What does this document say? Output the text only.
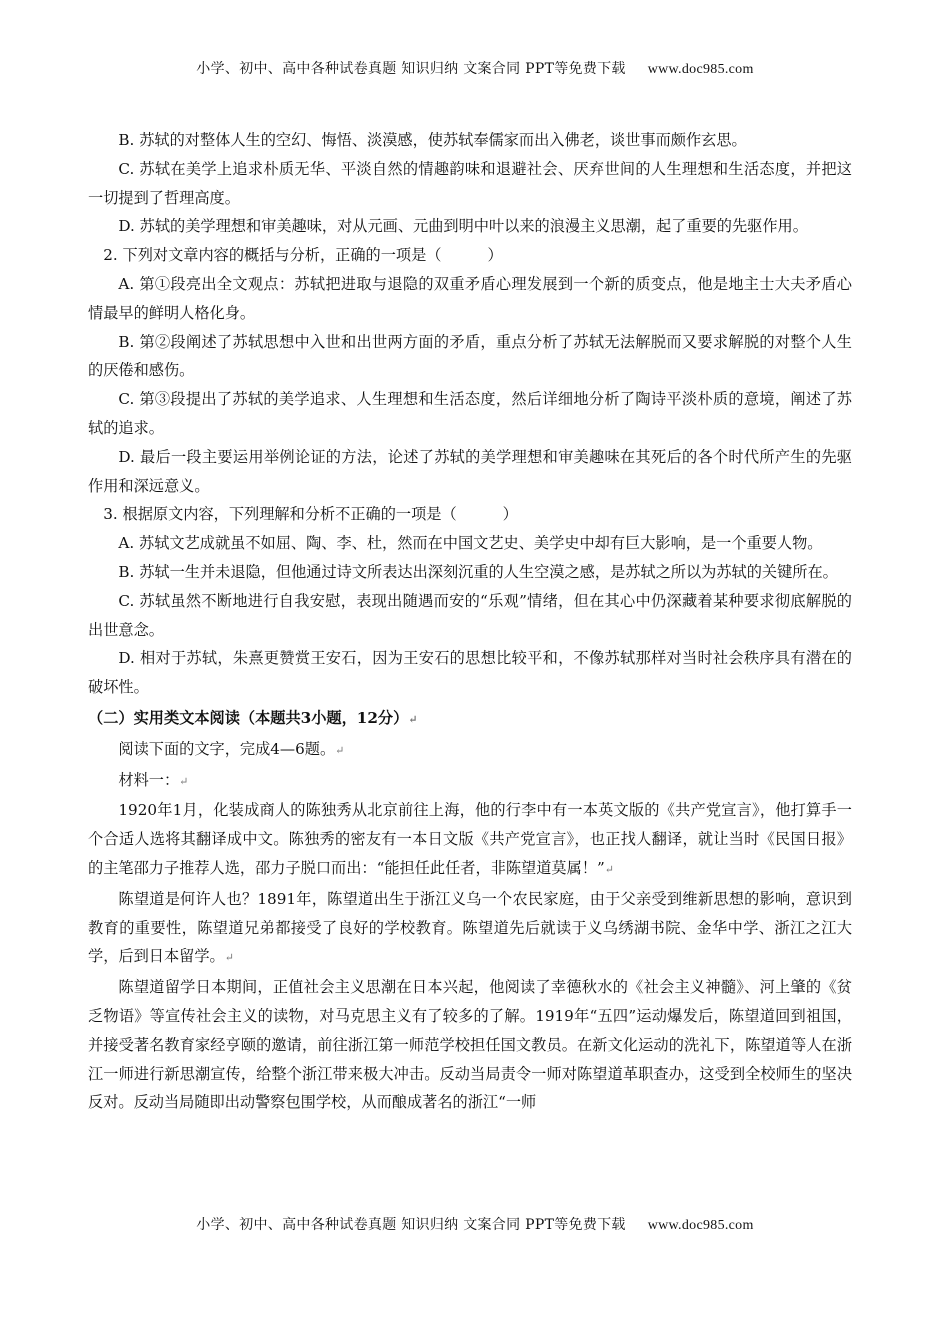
小学、初中、高中各种试卷真题 知识归纳 文案合同 PPT等免费下载 www.doc985.com

B. 苏轼的对整体人生的空幻、悔悟、淡漠感，使苏轼奉儒家而出入佛老，谈世事而颇作玄思。

C. 苏轼在美学上追求朴质无华、平淡自然的情趣韵味和退避社会、厌弃世间的人生理想和生活态度，并把这一切提到了哲理高度。

D. 苏轼的美学理想和审美趣味，对从元画、元曲到明中叶以来的浪漫主义思潮，起了重要的先驱作用。

2. 下列对文章内容的概括与分析，正确的一项是（	）

A. 第①段亮出全文观点：苏轼把进取与退隐的双重矛盾心理发展到一个新的质变点，他是地主士大夫矛盾心情最早的鲜明人格化身。

B. 第②段阐述了苏轼思想中入世和出世两方面的矛盾，重点分析了苏轼无法解脱而又要求解脱的对整个人生的厌倦和感伤。

C. 第③段提出了苏轼的美学追求、人生理想和生活态度，然后详细地分析了陶诗平淡朴质的意境，阐述了苏轼的追求。

D. 最后一段主要运用举例论证的方法，论述了苏轼的美学理想和审美趣味在其死后的各个时代所产生的先驱作用和深远意义。

3. 根据原文内容，下列理解和分析不正确的一项是（	）

A. 苏轼文艺成就虽不如屈、陶、李、杜，然而在中国文艺史、美学史中却有巨大影响，是一个重要人物。

B. 苏轼一生并未退隐，但他通过诗文所表达出深刻沉重的人生空漠之感，是苏轼之所以为苏轼的关键所在。

C. 苏轼虽然不断地进行自我安慰，表现出随遇而安的“乐观”情绪，但在其心中仍深藏着某种要求彻底解脱的出世意念。

D. 相对于苏轼，朱熹更赞赏王安石，因为王安石的思想比较平和，不像苏轼那样对当时社会秩序具有潜在的破坏性。

（二）实用类文本阅读（本题共3小题，12分）↵

阅读下面的文字，完成4—6题。↵

材料一：↵

1920年1月，化装成商人的陈独秀从北京前往上海，他的行李中有一本英文版的《共产党宣言》，他打算手一个合适人选将其翻译成中文。陈独秀的密友有一本日文版《共产党宣言》，也正找人翻译，就让当时《民国日报》的主笔邵力子推荐人选，邵力子脱口而出：“能担任此任者，非陈望道莫属！”↵

陈望道是何许人也？1891年，陈望道出生于浙江义乌一个农民家庭，由于父亲受到维新思想的影响，意识到教育的重要性，陈望道兄弟都接受了良好的学校教育。陈望道先后就读于义乌绣湖书院、金华中学、浙江之江大学，后到日本留学。↵

陈望道留学日本期间，正值社会主义思潮在日本兴起，他阅读了幸德秋水的《社会主义神髓》、河上肇的《贫乏物语》等宣传社会主义的读物，对马克思主义有了较多的了解。1919年“五四”运动爆发后，陈望道回到祖国，并接受著名教育家经亨颐的邀请，前往浙江第一师范学校担任国文教员。在新文化运动的洗礼下，陈望道等人在浙江一师进行新思潮宣传，给整个浙江带来极大冲击。反动当局责令一师对陈望道革职查办，这受到全校师生的坚决反对。反动当局随即出动警察包围学校，从而酿成著名的浙江“一师

小学、初中、高中各种试卷真题 知识归纳 文案合同 PPT等免费下载 www.doc985.com
